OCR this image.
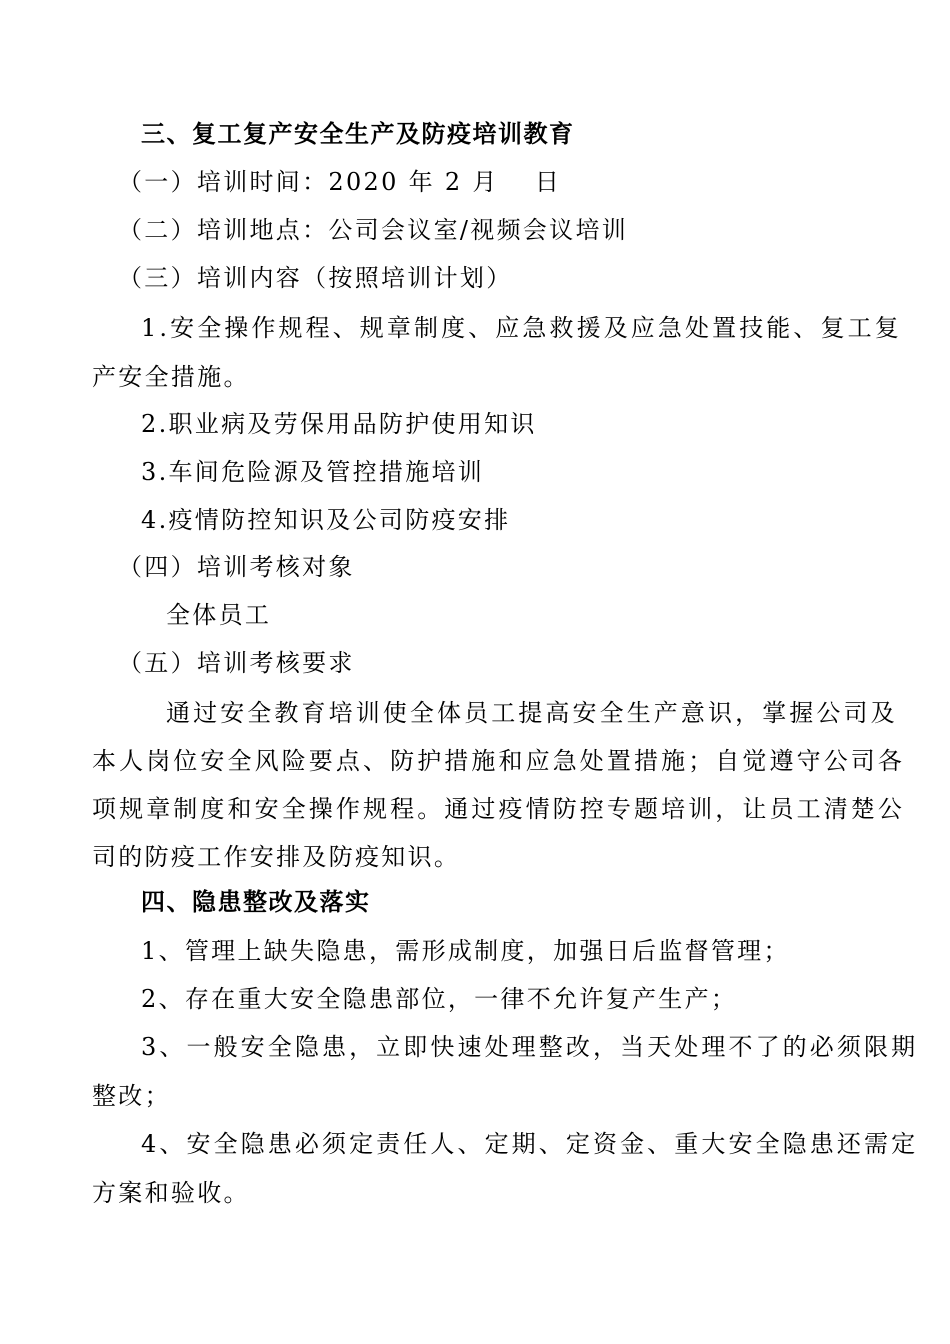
三、复工复产安全生产及防疫培训教育
（一）培训时间：2020 年 2 月　 日
（二）培训地点：公司会议室/视频会议培训
（三）培训内容（按照培训计划）
1.安全操作规程、规章制度、应急救援及应急处置技能、复工复
产安全措施。
2.职业病及劳保用品防护使用知识
3.车间危险源及管控措施培训
4.疫情防控知识及公司防疫安排
（四）培训考核对象
全体员工
（五）培训考核要求
通过安全教育培训使全体员工提高安全生产意识，掌握公司及
本人岗位安全风险要点、防护措施和应急处置措施；自觉遵守公司各
项规章制度和安全操作规程。通过疫情防控专题培训，让员工清楚公
司的防疫工作安排及防疫知识。
四、隐患整改及落实
1、管理上缺失隐患，需形成制度，加强日后监督管理；
2、存在重大安全隐患部位，一律不允许复产生产；
3、一般安全隐患，立即快速处理整改，当天处理不了的必须限期
整改；
4、安全隐患必须定责任人、定期、定资金、重大安全隐患还需定
方案和验收。
